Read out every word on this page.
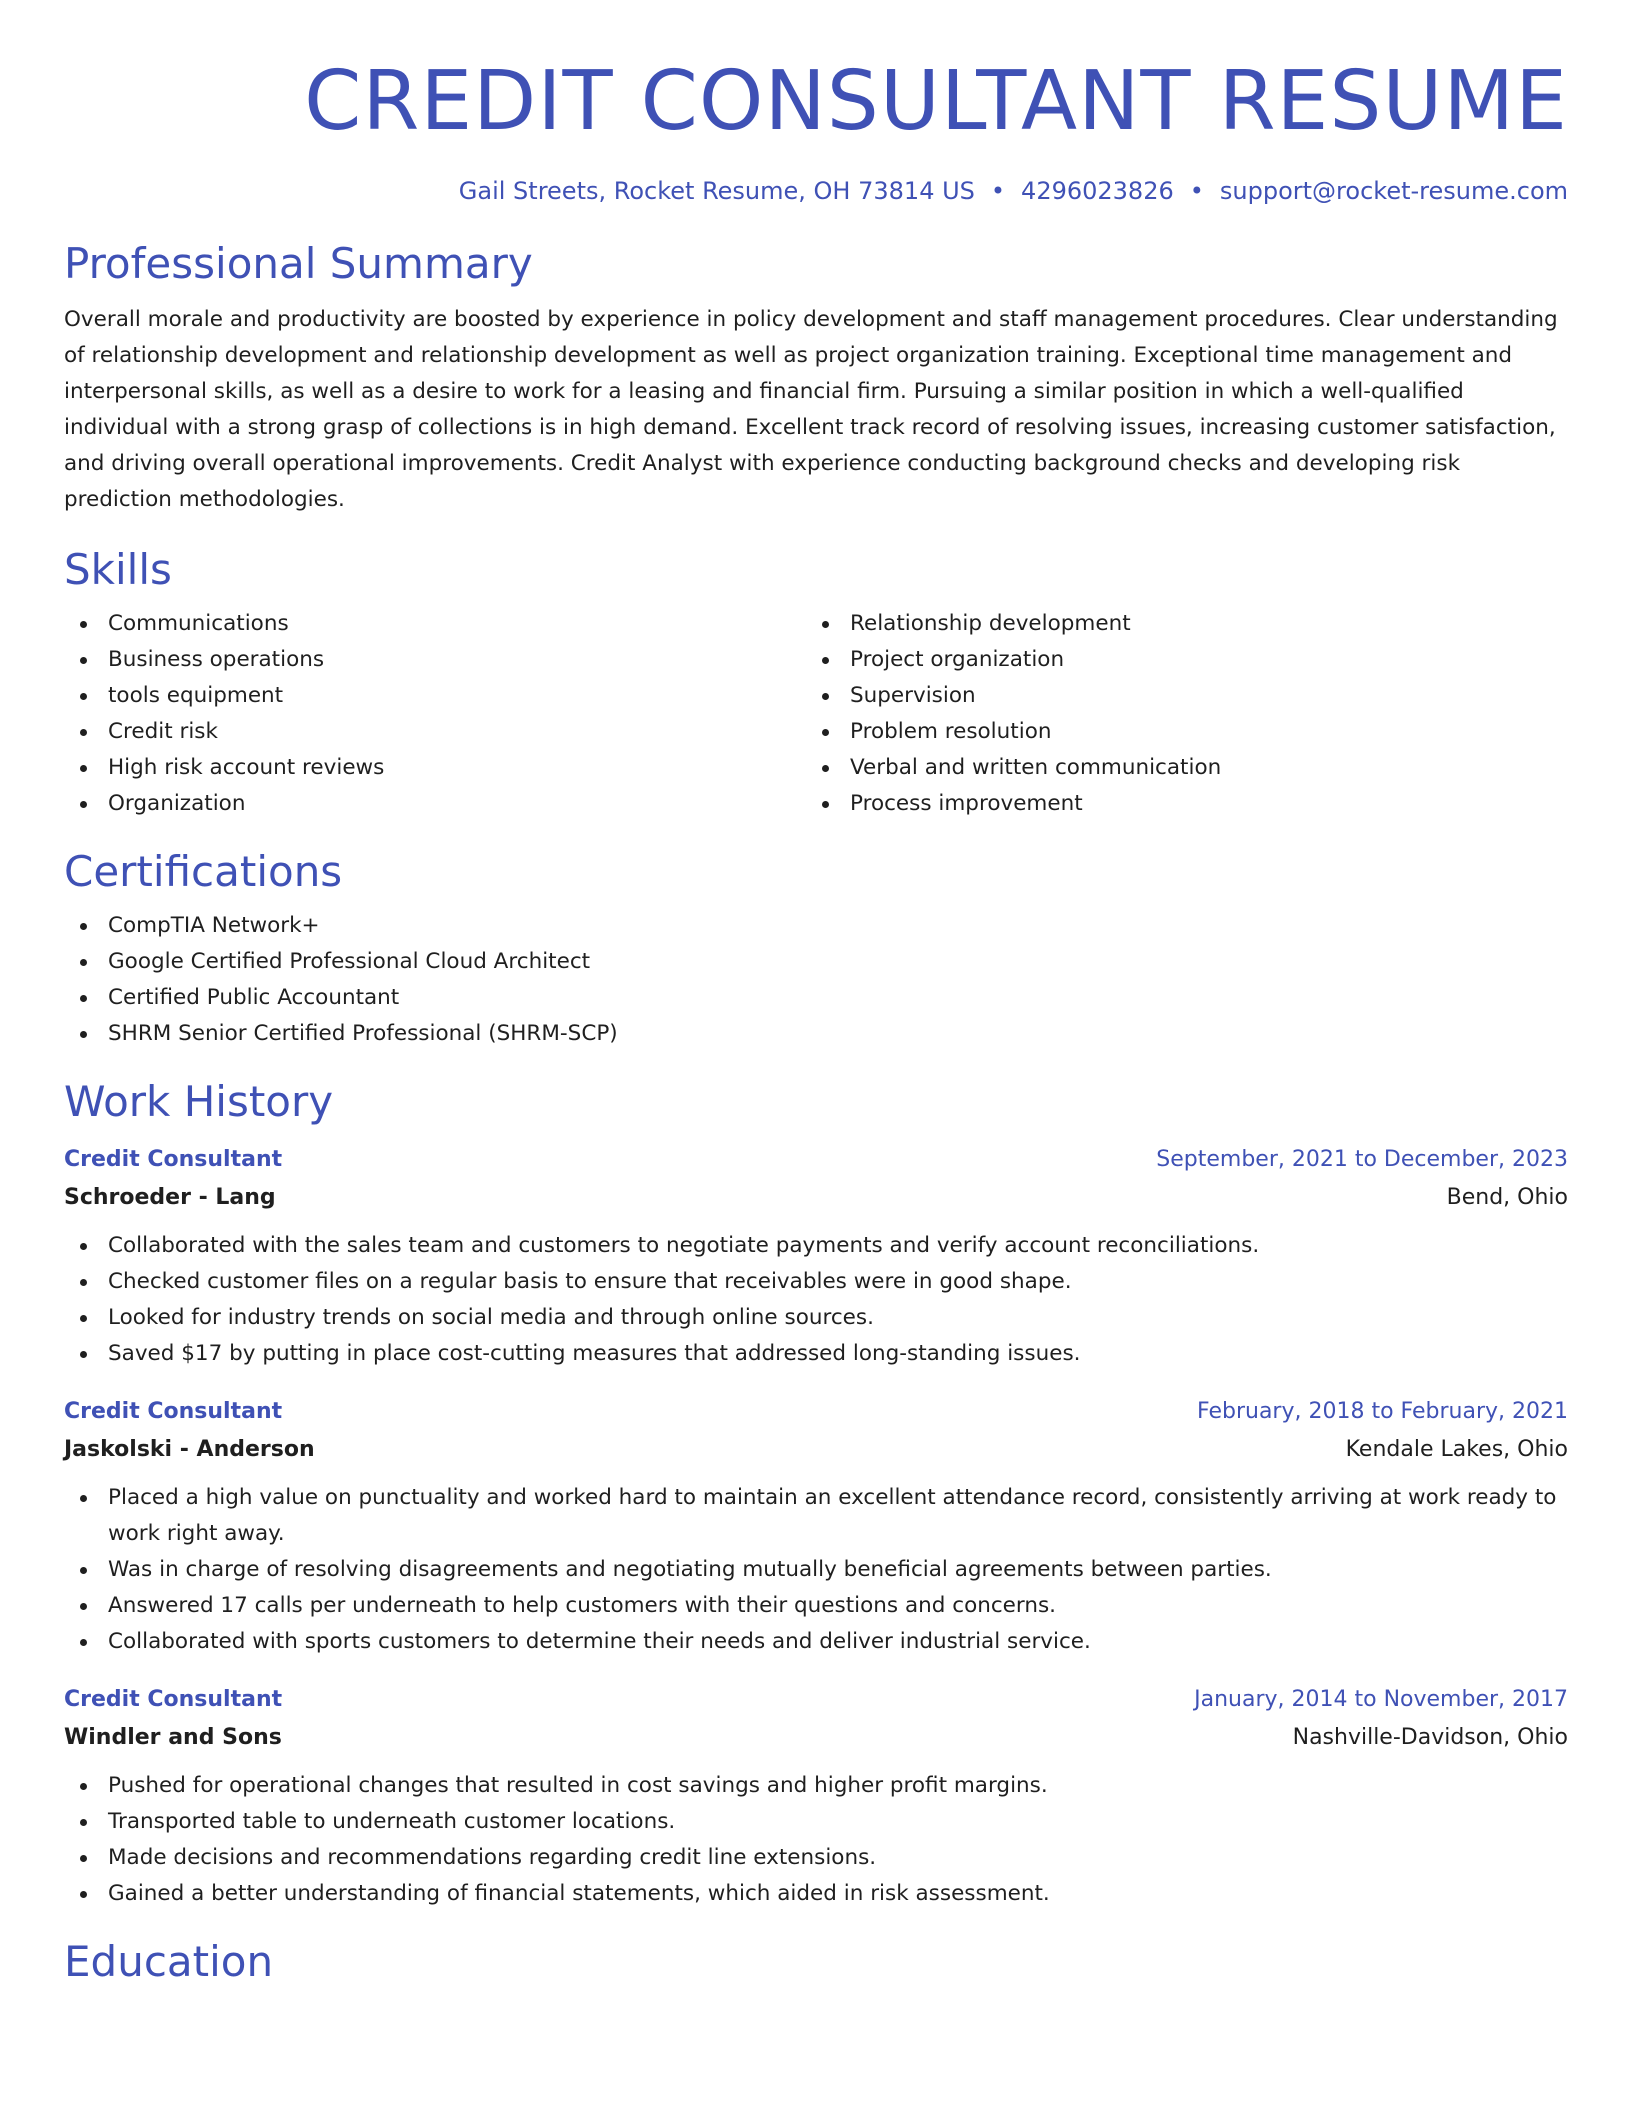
CREDIT CONSULTANT RESUME
Gail Streets, Rocket Resume, OH 73814 US • 4296023826 • support@rocket-resume.com
Professional Summary

Overall morale and productivity are boosted by experience in policy development and staff management procedures. Clear understanding of relationship development and relationship development as well as project organization training. Exceptional time management and interpersonal skills, as well as a desire to work for a leasing and financial firm. Pursuing a similar position in which a well-qualified individual with a strong grasp of collections is in high demand. Excellent track record of resolving issues, increasing customer satisfaction, and driving overall operational improvements. Credit Analyst with experience conducting background checks and developing risk prediction methodologies.

Skills
Communications
Business operations
tools equipment
Credit risk
High risk account reviews
Organization
Relationship development
Project organization
Supervision
Problem resolution
Verbal and written communication
Process improvement
Certifications
CompTIA Network+
Google Certified Professional Cloud Architect
Certified Public Accountant
SHRM Senior Certified Professional (SHRM-SCP)
Work History
Credit Consultant	September, 2021 to December, 2023
Schroeder - Lang	Bend, Ohio
Collaborated with the sales team and customers to negotiate payments and verify account reconciliations.
Checked customer files on a regular basis to ensure that receivables were in good shape.
Looked for industry trends on social media and through online sources.
Saved $17 by putting in place cost-cutting measures that addressed long-standing issues.
Credit Consultant	February, 2018 to February, 2021
Jaskolski - Anderson	Kendale Lakes, Ohio
Placed a high value on punctuality and worked hard to maintain an excellent attendance record, consistently arriving at work ready to work right away.
Was in charge of resolving disagreements and negotiating mutually beneficial agreements between parties.
Answered 17 calls per underneath to help customers with their questions and concerns.
Collaborated with sports customers to determine their needs and deliver industrial service.
Credit Consultant	January, 2014 to November, 2017
Windler and Sons	Nashville-Davidson, Ohio
Pushed for operational changes that resulted in cost savings and higher profit margins.
Transported table to underneath customer locations.
Made decisions and recommendations regarding credit line extensions.
Gained a better understanding of financial statements, which aided in risk assessment.
Education
